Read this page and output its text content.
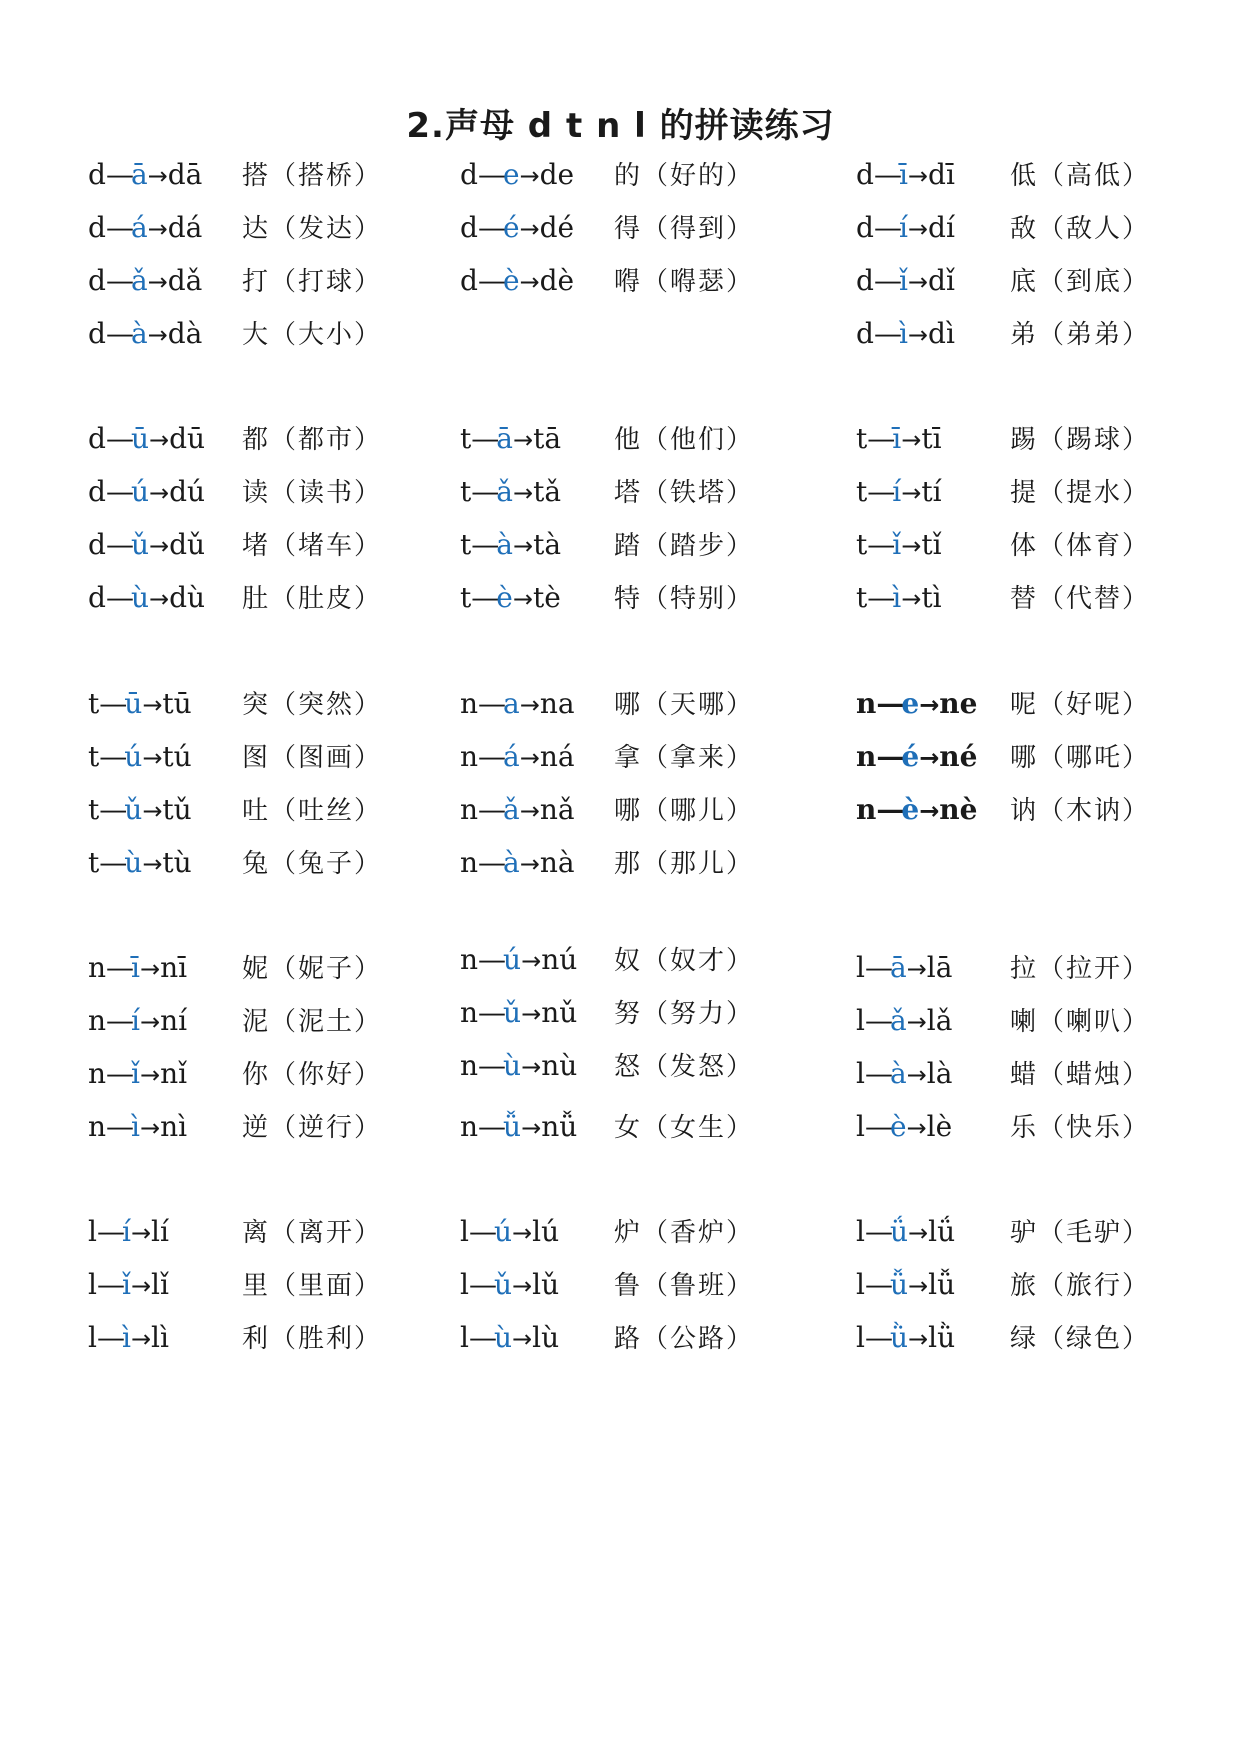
2.声母 d t n l 的拼读练习
d—ā→dā 搭（搭桥）
d—á→dá 达（发达）
d—ǎ→dǎ 打（打球）
d—à→dà 大（大小）
d—ū→dū 都（都市）
d—ú→dú 读（读书）
d—ǔ→dǔ 堵（堵车）
d—ù→dù 肚（肚皮）
t—ū→tū 突（突然）
t—ú→tú 图（图画）
t—ǔ→tǔ 吐（吐丝）
t—ù→tù 兔（兔子）
n—ī→nī 妮（妮子）
n—í→ní 泥（泥土）
n—ǐ→nǐ 你（你好）
n—ì→nì 逆（逆行）
l—í→lí	离（离开）
l—ǐ→lǐ	里（里面）
l—ì→lì	利（胜利）
d—e→de 的（好的）
d—é→dé 得（得到）
d—è→dè 嘚（嘚瑟）
t—ā→tā 他（他们）
t—ǎ→tǎ 塔（铁塔）
t—à→tà 踏（踏步）
t—è→tè 特（特别）
n—a→na 哪（天哪）
n—á→ná 拿（拿来）
n—ǎ→nǎ 哪（哪儿）
n—à→nà 那（那儿）
n—ú→nú 奴（奴才）
n—ǔ→nǔ 努（努力）
n—ù→nù 怒（发怒）
n—ǚ→nǚ 女（女生）
l—ú→lú 炉（香炉）
l—ǔ→lǔ 鲁（鲁班）
l—ù→lù 路（公路）
d—ī→dī 低（高低）
d—í→dí 敌（敌人）
d—ǐ→dǐ 底（到底）
d—ì→dì 弟（弟弟）
t—ī→tī	踢（踢球）
t—í→tí	提（提水）
t—ǐ→tǐ	体（体育）
t—ì→tì	替（代替）
n—e→ne 呢（好呢）
n—é→né 哪（哪吒）
n—è→nè 讷（木讷）
l—ā→lā 拉（拉开）
l—ǎ→lǎ 喇（喇叭）
l—à→là 蜡（蜡烛）
l—è→lè 乐（快乐）
l—ǘ→lǘ 驴（毛驴）
l—ǚ→lǚ 旅（旅行）
l—ǜ→lǜ 绿（绿色）
